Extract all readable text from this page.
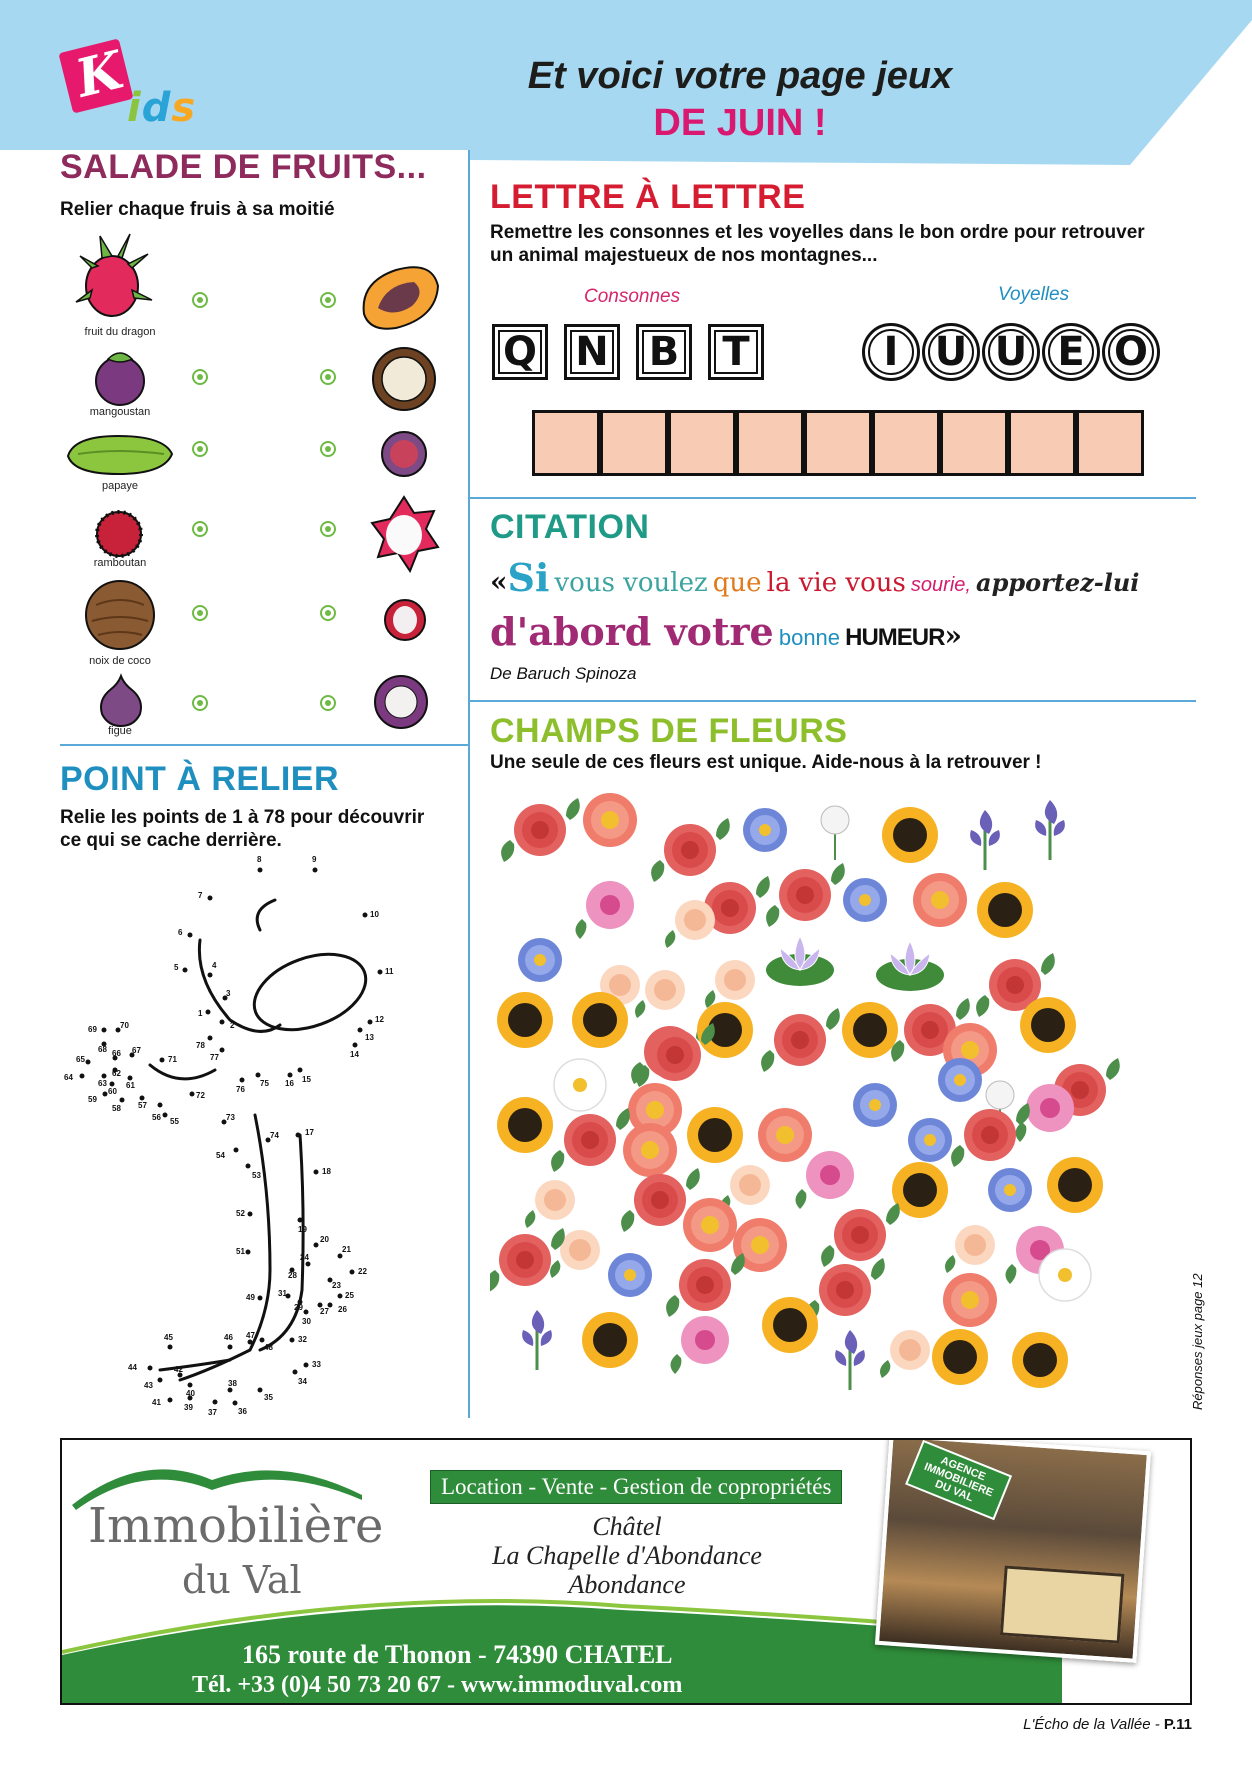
K
ids
Et voici votre page jeux
DE JUIN !
SALADE DE FRUITS...
Relier chaque fruis à sa moitié
fruit du dragon
mangoustan
papaye
ramboutan
noix de coco
figue
POINT À RELIER
Relie les points de 1 à 78 pour découvrir
ce qui se cache derrière.
8	9
7
10
6
11
5	4
12
13
14
15
16
17
18
19
20
21
22
23
24
25
26
27
28
29
30
31
32
33
34
35
36
37
38
39
40
41
42
43
44
45	46 47
48
49
51
52
53
54
55
56
57
58
59
60
61
62
63
64
65
66 67
68
69	70
71
72
73
74
75
76
77
78
2
3
1
LETTRE À LETTRE
Remettre les consonnes et les voyelles dans le bon ordre pour retrouver
un animal majestueux de nos montagnes...
Consonnes	Voyelles
Q N	B	T	I U U E O
CITATION
«Si vous voulez que la vie vous sourie, apportez-lui
d'abord votre bonne HUMEUR»
De Baruch Spinoza
CHAMPS DE FLEURS
Une seule de ces fleurs est unique. Aide-nous à la retrouver !
Réponses jeux page 12
Immobilière
du Val
Location - Vente - Gestion de copropriétés
Châtel
La Chapelle d'Abondance
Abondance
165 route de Thonon - 74390 CHATEL
Tél. +33 (0)4 50 73 20 67 - www.immoduval.com
AGENCE IMMOBILIERE DU VAL
L'Écho de la Vallée - P.11
